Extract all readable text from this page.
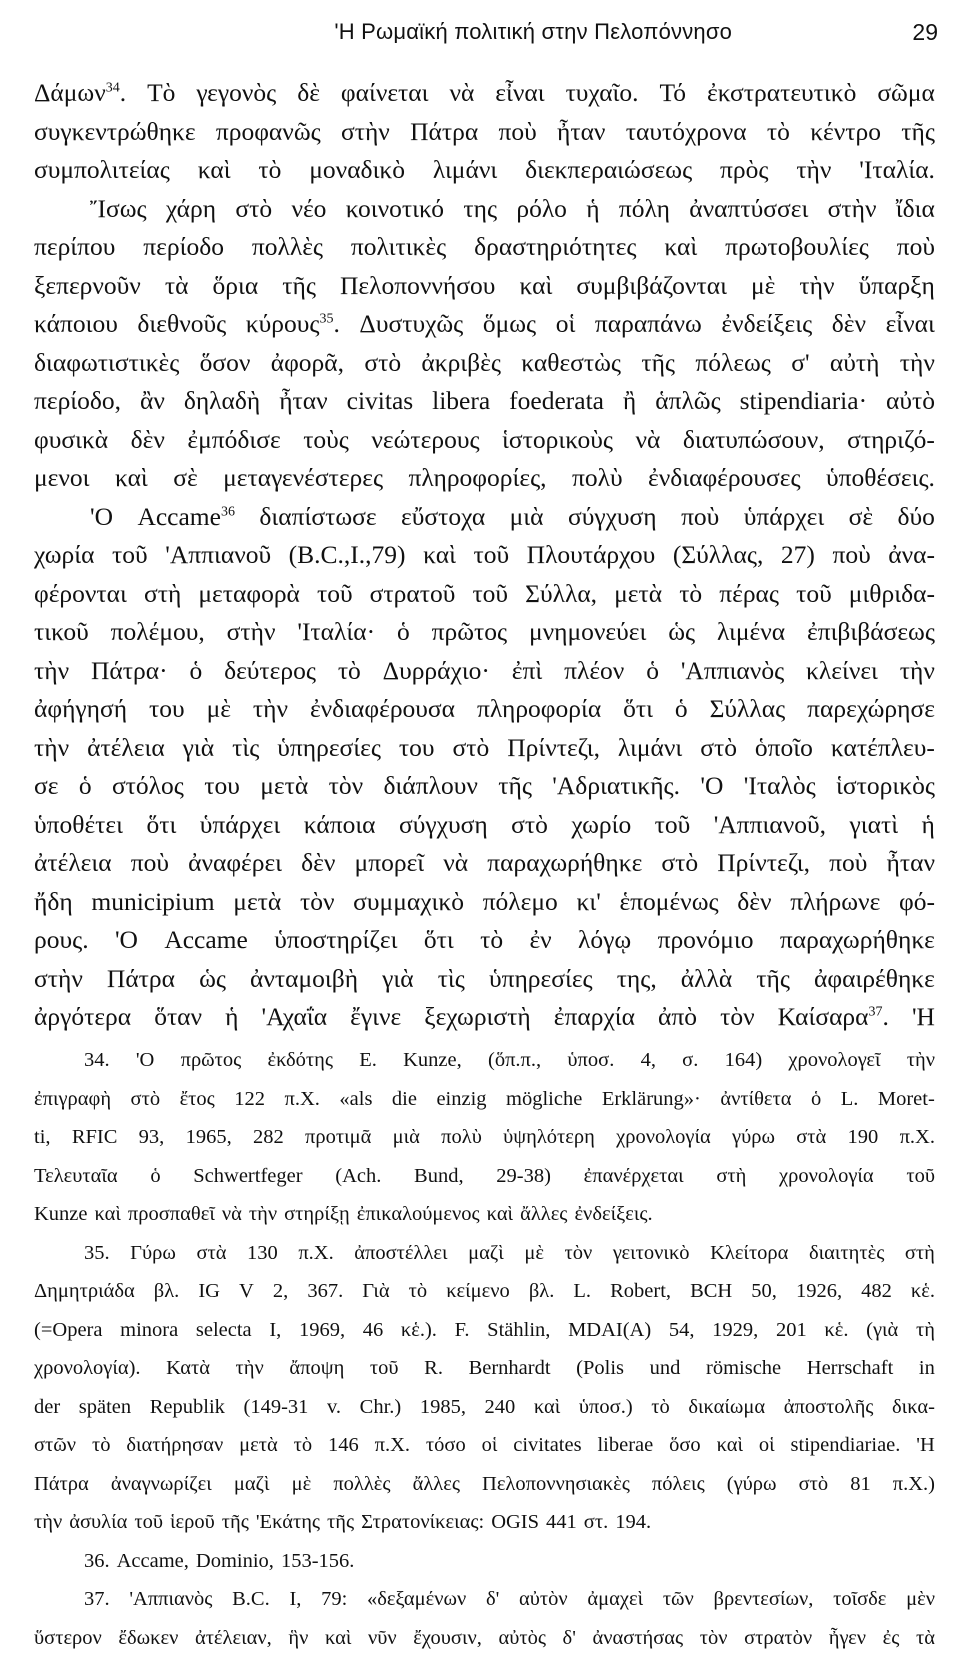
'Η Ρωμαϊκή πολιτική στην Πελοπόννησο	29
Δάμων$^{34}$. Τὸ γεγονὸς δὲ φαίνεται νὰ εἶναι τυχαῖο. Τό ἐκστρατευτικὸ σῶμα
συγκεντρώθηκε προφανῶς στὴν Πάτρα ποὺ ἦταν ταυτόχρονα τὸ κέντρο τῆς
συμπολιτείας καὶ τὸ μοναδικὸ λιμάνι διεκπεραιώσεως πρὸς τὴν 'Ιταλία.
Ἴσως χάρη στὸ νέο κοινοτικό της ρόλο ἡ πόλη ἀναπτύσσει στὴν ἴδια
περίπου περίοδο πολλὲς πολιτικὲς δραστηριότητες καὶ πρωτοβουλίες ποὺ
ξεπερνοῦν τὰ ὅρια τῆς Πελοποννήσου καὶ συμβιβάζονται μὲ τὴν ὕπαρξη
κάποιου διεθνοῦς κύρους$^{35}$. Δυστυχῶς ὅμως οἱ παραπάνω ἐνδείξεις δὲν εἶναι
διαφωτιστικὲς ὅσον ἀφορᾶ, στὸ ἀκριβὲς καθεστὼς τῆς πόλεως σ' αὐτὴ τὴν
περίοδο, ἂν δηλαδὴ ἦταν civitas libera foederata ἢ ἁπλῶς stipendiaria· αὐτὸ
φυσικὰ δὲν ἐμπόδισε τοὺς νεώτερους ἱστορικοὺς νὰ διατυπώσουν, στηριζό-
μενοι καὶ σὲ μεταγενέστερες πληροφορίες, πολὺ ἐνδιαφέρουσες ὑποθέσεις.
'Ο Accame$^{36}$ διαπίστωσε εὔστοχα μιὰ σύγχυση ποὺ ὑπάρχει σὲ δύο
χωρία τοῦ 'Αππιανοῦ (B.C.,I.,79) καὶ τοῦ Πλουτάρχου (Σύλλας, 27) ποὺ ἀνα-
φέρονται στὴ μεταφορὰ τοῦ στρατοῦ τοῦ Σύλλα, μετὰ τὸ πέρας τοῦ μιθριδα-
τικοῦ πολέμου, στὴν 'Ιταλία· ὁ πρῶτος μνημονεύει ὡς λιμένα ἐπιβιβάσεως
τὴν Πάτρα· ὁ δεύτερος τὸ Δυρράχιο· ἐπὶ πλέον ὁ 'Αππιανὸς κλείνει τὴν
ἀφήγησή του μὲ τὴν ἐνδιαφέρουσα πληροφορία ὅτι ὁ Σύλλας παρεχώρησε
τὴν ἀτέλεια γιὰ τὶς ὑπηρεσίες του στὸ Πρίντεζι, λιμάνι στὸ ὁποῖο κατέπλευ-
σε ὁ στόλος του μετὰ τὸν διάπλουν τῆς 'Αδριατικῆς. 'Ο 'Ιταλὸς ἱστορικὸς
ὑποθέτει ὅτι ὑπάρχει κάποια σύγχυση στὸ χωρίο τοῦ 'Αππιανοῦ, γιατὶ ἡ
ἀτέλεια ποὺ ἀναφέρει δὲν μπορεῖ νὰ παραχωρήθηκε στὸ Πρίντεζι, ποὺ ἦταν
ἤδη municipium μετὰ τὸν συμμαχικὸ πόλεμο κι' ἑπομένως δὲν πλήρωνε φό-
ρους. 'Ο Accame ὑποστηρίζει ὅτι τὸ ἐν λόγῳ προνόμιο παραχωρήθηκε
στὴν Πάτρα ὡς ἀνταμοιβὴ γιὰ τὶς ὑπηρεσίες της, ἀλλὰ τῆς ἀφαιρέθηκε
ἀργότερα ὅταν ἡ 'Αχαΐα ἔγινε ξεχωριστὴ ἐπαρχία ἀπὸ τὸν Καίσαρα$^{37}$. 'Η
34. 'Ο πρῶτος ἐκδότης E. Kunze, (ὅπ.π., ὑποσ. 4, σ. 164) χρονολογεῖ τὴν
ἐπιγραφὴ στὸ ἔτος 122 π.Χ. «als die einzig mögliche Erklärung»· ἀντίθετα ὁ L. Moret-
ti, RFIC 93, 1965, 282 προτιμᾶ μιὰ πολὺ ὑψηλότερη χρονολογία γύρω στὰ 190 π.Χ.
Τελευταῖα ὁ Schwertfeger (Ach. Bund, 29-38) ἐπανέρχεται στὴ χρονολογία τοῦ
Kunze καὶ προσπαθεῖ νὰ τὴν στηρίξῃ ἐπικαλούμενος καὶ ἄλλες ἐνδείξεις.
35. Γύρω στὰ 130 π.Χ. ἀποστέλλει μαζὶ μὲ τὸν γειτονικὸ Κλείτορα διαιτητὲς στὴ
Δημητριάδα βλ. IG V 2, 367. Γιὰ τὸ κείμενο βλ. L. Robert, BCH 50, 1926, 482 κἑ.
(=Opera minora selecta I, 1969, 46 κἑ.). F. Stählin, MDAI(A) 54, 1929, 201 κἑ. (γιὰ τὴ
χρονολογία). Κατὰ τὴν ἄποψη τοῦ R. Bernhardt (Polis und römische Herrschaft in
der späten Republik (149-31 v. Chr.) 1985, 240 καὶ ὑποσ.) τὸ δικαίωμα ἀποστολῆς δικα-
στῶν τὸ διατήρησαν μετὰ τὸ 146 π.Χ. τόσο οἱ civitates liberae ὅσο καὶ οἱ stipendiariae. 'Η
Πάτρα ἀναγνωρίζει μαζὶ μὲ πολλὲς ἄλλες Πελοποννησιακὲς πόλεις (γύρω στὸ 81 π.Χ.)
τὴν ἀσυλία τοῦ ἱεροῦ τῆς 'Εκάτης τῆς Στρατονίκειας: OGIS 441 στ. 194.
36. Accame, Dominio, 153-156.
37. 'Αππιανὸς B.C. I, 79: «δεξαμένων δ' αὐτὸν ἀμαχεὶ τῶν βρεντεσίων, τοῖσδε μὲν
ὕστερον ἔδωκεν ἀτέλειαν, ἣν καὶ νῦν ἔχουσιν, αὐτὸς δ' ἀναστήσας τὸν στρατὸν ἦγεν ἐς τὰ
